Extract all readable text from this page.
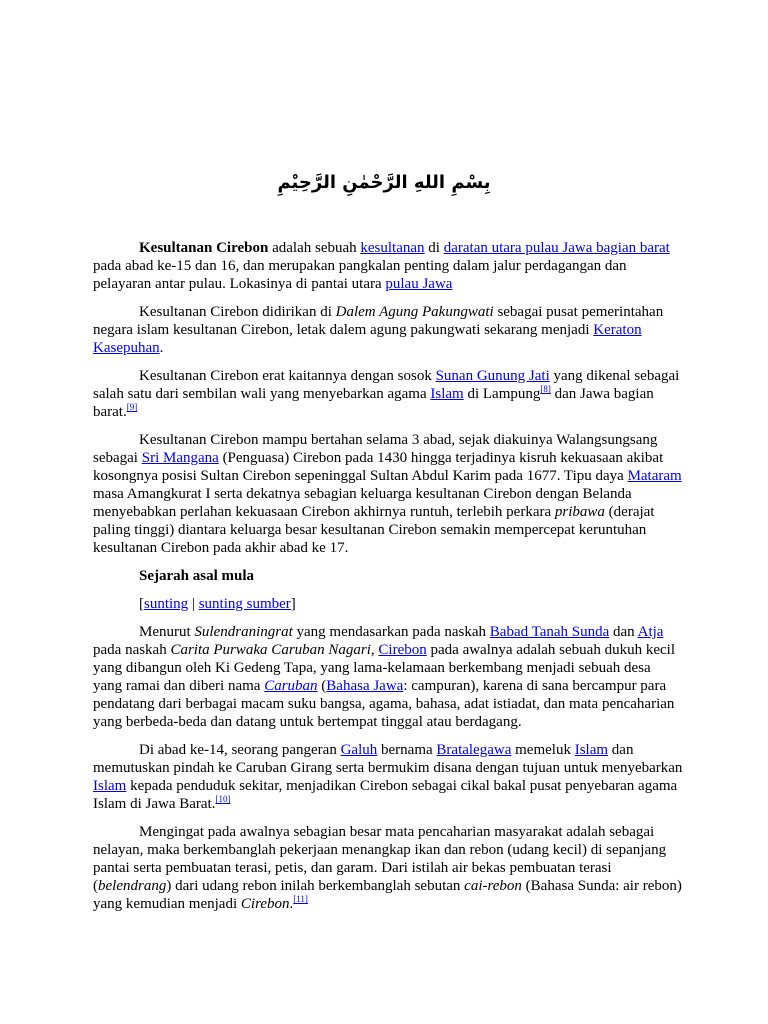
بِسْمِ اللهِ الرَّحْمٰنِ الرَّحِيْمِ

Kesultanan Cirebon adalah sebuah kesultanan di daratan utara pulau Jawa bagian barat pada abad ke-15 dan 16, dan merupakan pangkalan penting dalam jalur perdagangan dan pelayaran antar pulau. Lokasinya di pantai utara pulau Jawa

Kesultanan Cirebon didirikan di Dalem Agung Pakungwati sebagai pusat pemerintahan negara islam kesultanan Cirebon, letak dalem agung pakungwati sekarang menjadi Keraton Kasepuhan.

Kesultanan Cirebon erat kaitannya dengan sosok Sunan Gunung Jati yang dikenal sebagai salah satu dari sembilan wali yang menyebarkan agama Islam di Lampung[8] dan Jawa bagian barat.[9]

Kesultanan Cirebon mampu bertahan selama 3 abad, sejak diakuinya Walangsungsang sebagai Sri Mangana (Penguasa) Cirebon pada 1430 hingga terjadinya kisruh kekuasaan akibat kosongnya posisi Sultan Cirebon sepeninggal Sultan Abdul Karim pada 1677. Tipu daya Mataram masa Amangkurat I serta dekatnya sebagian keluarga kesultanan Cirebon dengan Belanda menyebabkan perlahan kekuasaan Cirebon akhirnya runtuh, terlebih perkara pribawa (derajat paling tinggi) diantara keluarga besar kesultanan Cirebon semakin mempercepat keruntuhan kesultanan Cirebon pada akhir abad ke 17.

Sejarah asal mula

[sunting | sunting sumber]

Menurut Sulendraningrat yang mendasarkan pada naskah Babad Tanah Sunda dan Atja pada naskah Carita Purwaka Caruban Nagari, Cirebon pada awalnya adalah sebuah dukuh kecil yang dibangun oleh Ki Gedeng Tapa, yang lama-kelamaan berkembang menjadi sebuah desa yang ramai dan diberi nama Caruban (Bahasa Jawa: campuran), karena di sana bercampur para pendatang dari berbagai macam suku bangsa, agama, bahasa, adat istiadat, dan mata pencaharian yang berbeda-beda dan datang untuk bertempat tinggal atau berdagang.

Di abad ke-14, seorang pangeran Galuh bernama Bratalegawa memeluk Islam dan memutuskan pindah ke Caruban Girang serta bermukim disana dengan tujuan untuk menyebarkan Islam kepada penduduk sekitar, menjadikan Cirebon sebagai cikal bakal pusat penyebaran agama Islam di Jawa Barat.[10]

Mengingat pada awalnya sebagian besar mata pencaharian masyarakat adalah sebagai nelayan, maka berkembanglah pekerjaan menangkap ikan dan rebon (udang kecil) di sepanjang pantai serta pembuatan terasi, petis, dan garam. Dari istilah air bekas pembuatan terasi (belendrang) dari udang rebon inilah berkembanglah sebutan cai-rebon (Bahasa Sunda: air rebon) yang kemudian menjadi Cirebon.[11]
